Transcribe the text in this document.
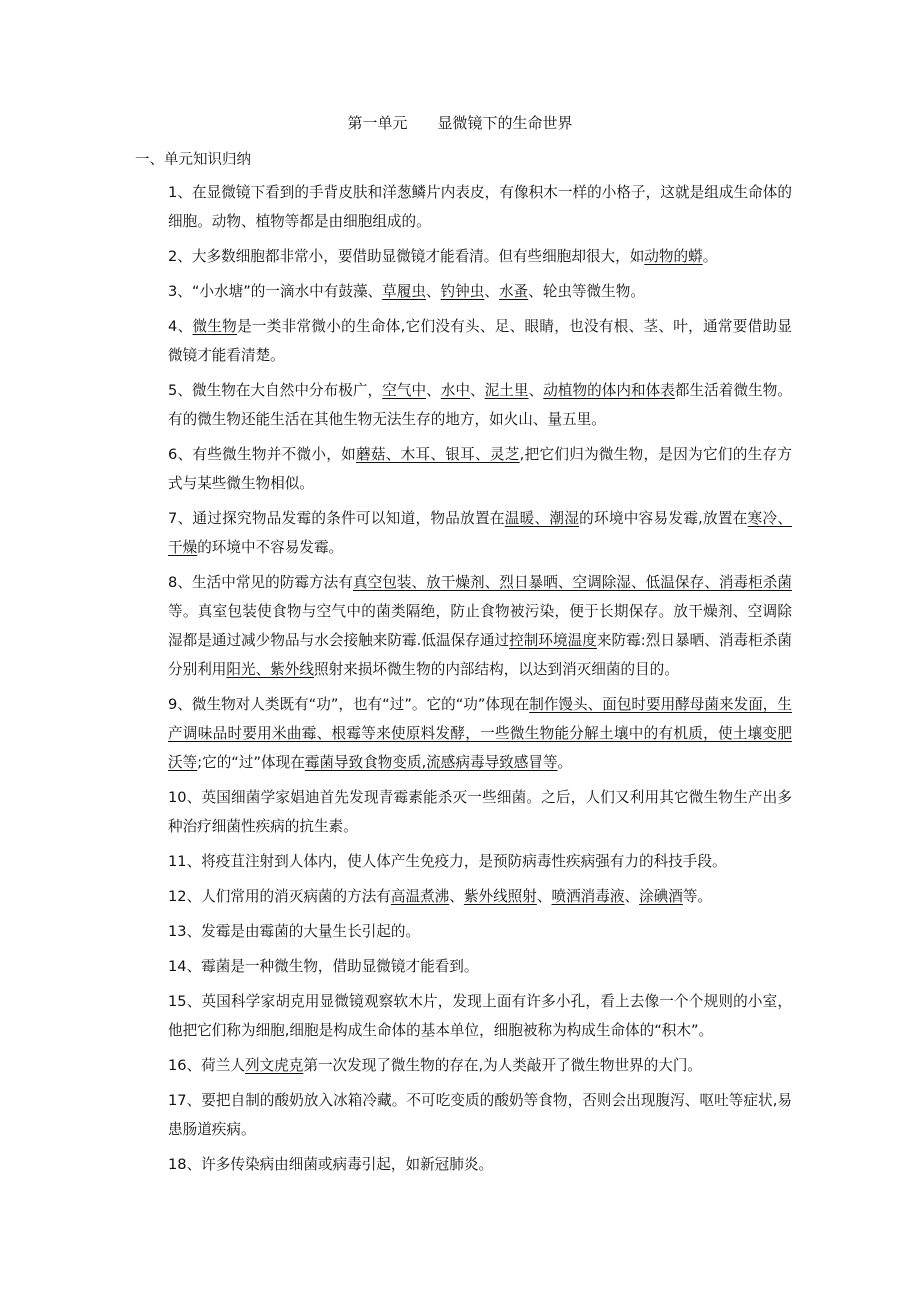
第一单元　　显微镜下的生命世界
一、单元知识归纳

1、在显微镜下看到的手背皮肤和洋葱鳞片内表皮，有像积木一样的小格子，这就是组成生命体的细胞。动物、植物等都是由细胞组成的。

2、大多数细胞都非常小，要借助显微镜才能看清。但有些细胞却很大，如动物的蟒。

3、“小水塘”的一滴水中有鼓藻、草履虫、钓钟虫、水蚤、轮虫等微生物。

4、微生物是一类非常微小的生命体,它们没有头、足、眼睛，也没有根、茎、叶，通常要借助显微镜才能看清楚。

5、微生物在大自然中分布极广，空气中、水中、泥土里、动植物的体内和体表都生活着微生物。有的微生物还能生活在其他生物无法生存的地方，如火山、量五里。

6、有些微生物并不微小，如蘑菇、木耳、银耳、灵芝,把它们归为微生物，是因为它们的生存方式与某些微生物相似。

7、通过探究物品发霉的条件可以知道，物品放置在温暖、潮湿的环境中容易发霉,放置在寒冷、干燥的环境中不容易发霉。

8、生活中常见的防霉方法有真空包装、放干燥剂、烈日暴晒、空调除湿、低温保存、消毒柜杀菌等。真室包装使食物与空气中的菌类隔绝，防止食物被污染，便于长期保存。放干燥剂、空调除湿都是通过减少物品与水会接触来防霉.低温保存通过控制环境温度来防霉:烈日暴晒、消毒柜杀菌分别利用阳光、紫外线照射来损坏微生物的内部结构，以达到消灭细菌的目的。

9、微生物对人类既有“功”，也有“过”。它的“功”体现在制作馒头、面包时要用酵母菌来发面，生产调味品时要用米曲霉、根霉等来使原料发酵，一些微生物能分解土壤中的有机质，使土壤变肥沃等;它的“过”体现在霉菌导致食物变质,流感病毒导致感冒等。

10、英国细菌学家娼迪首先发现青霉素能杀灭一些细菌。之后，人们又利用其它微生物生产出多种治疗细菌性疾病的抗生素。

11、将疫苴注射到人体内，使人体产生免疫力，是预防病毒性疾病强有力的科技手段。

12、人们常用的消灭病菌的方法有高温煮沸、紫外线照射、喷洒消毒液、涂碘酒等。

13、发霉是由霉菌的大量生长引起的。

14、霉菌是一种微生物，借助显微镜才能看到。

15、英国科学家胡克用显微镜观察软木片，发现上面有许多小孔，看上去像一个个规则的小室，他把它们称为细胞,细胞是构成生命体的基本单位，细胞被称为构成生命体的“积木”。

16、荷兰人列文虎克第一次发现了微生物的存在,为人类敲开了微生物世界的大门。

17、要把自制的酸奶放入冰箱冷藏。不可吃变质的酸奶等食物，否则会出现腹泻、呕吐等症状,易患肠道疾病。

18、许多传染病由细菌或病毒引起，如新冠肺炎。
